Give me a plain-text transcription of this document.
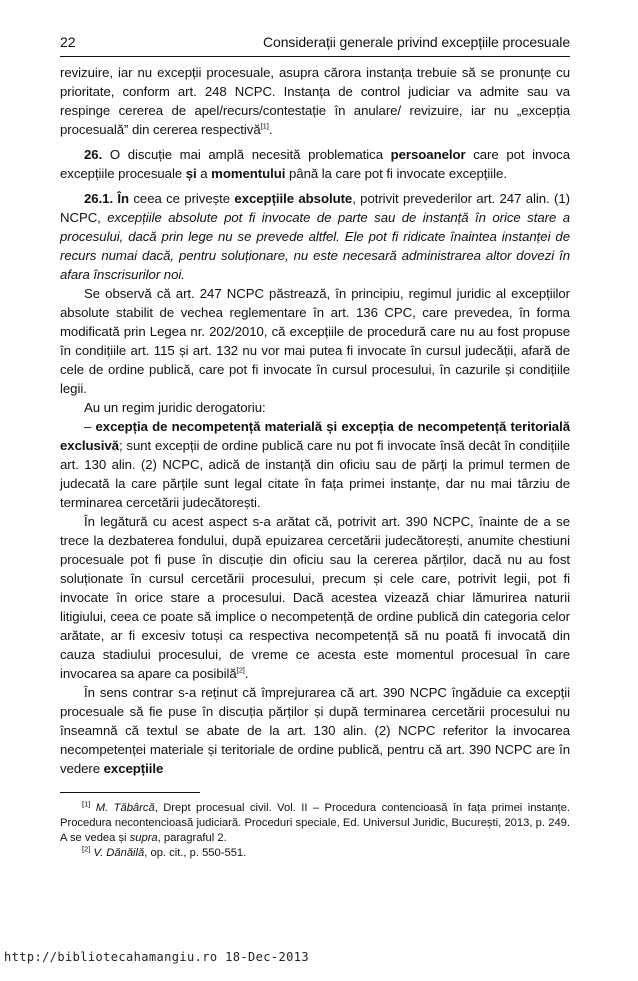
22	Considerații generale privind excepțiile procesuale

revizuire, iar nu excepții procesuale, asupra cărora instanța trebuie să se pronunțe cu prioritate, conform art. 248 NCPC. Instanța de control judiciar va admite sau va respinge cererea de apel/recurs/contestație în anulare/ revizuire, iar nu „excepția procesuală” din cererea respectivă[1].

26. O discuție mai amplă necesită problematica persoanelor care pot invoca excepțiile procesuale și a momentului până la care pot fi invocate excepțiile.

26.1. În ceea ce privește excepțiile absolute, potrivit prevederilor art. 247 alin. (1) NCPC, excepțiile absolute pot fi invocate de parte sau de instanță în orice stare a procesului, dacă prin lege nu se prevede altfel. Ele pot fi ridicate înaintea instanței de recurs numai dacă, pentru soluționare, nu este necesară administrarea altor dovezi în afara înscrisurilor noi.

Se observă că art. 247 NCPC păstrează, în principiu, regimul juridic al excepțiilor absolute stabilit de vechea reglementare în art. 136 CPC, care prevedea, în forma modificată prin Legea nr. 202/2010, că excepțiile de procedură care nu au fost propuse în condițiile art. 115 și art. 132 nu vor mai putea fi invocate în cursul judecății, afară de cele de ordine publică, care pot fi invocate în cursul procesului, în cazurile și condițiile legii.

Au un regim juridic derogatoriu:

– excepția de necompetență materială și excepția de necompetență teritorială exclusivă; sunt excepții de ordine publică care nu pot fi invocate însă decât în condițiile art. 130 alin. (2) NCPC, adică de instanță din oficiu sau de părți la primul termen de judecată la care părțile sunt legal citate în fața primei instanțe, dar nu mai târziu de terminarea cercetării judecătorești.

În legătură cu acest aspect s-a arătat că, potrivit art. 390 NCPC, înainte de a se trece la dezbaterea fondului, după epuizarea cercetării judecătorești, anumite chestiuni procesuale pot fi puse în discuție din oficiu sau la cererea părților, dacă nu au fost soluționate în cursul cercetării procesului, precum și cele care, potrivit legii, pot fi invocate în orice stare a procesului. Dacă acestea vizează chiar lămurirea naturii litigiului, ceea ce poate să implice o necompetență de ordine publică din categoria celor arătate, ar fi excesiv totuși ca respectiva necompetență să nu poată fi invocată din cauza stadiului procesului, de vreme ce acesta este momentul procesual în care invocarea sa apare ca posibilă[2].

În sens contrar s-a reținut că împrejurarea că art. 390 NCPC îngăduie ca excepții procesuale să fie puse în discuția părților și după terminarea cercetării procesului nu înseamnă că textul se abate de la art. 130 alin. (2) NCPC referitor la invocarea necompetenței materiale și teritoriale de ordine publică, pentru că art. 390 NCPC are în vedere excepțiile

[1] M. Tăbârcă, Drept procesual civil. Vol. II – Procedura contencioasă în fața primei instanțe. Procedura necontencioasă judiciară. Proceduri speciale, Ed. Universul Juridic, București, 2013, p. 249. A se vedea și supra, paragraful 2.

[2] V. Dănăilă, op. cit., p. 550-551.

http://bibliotecahamangiu.ro 18-Dec-2013
